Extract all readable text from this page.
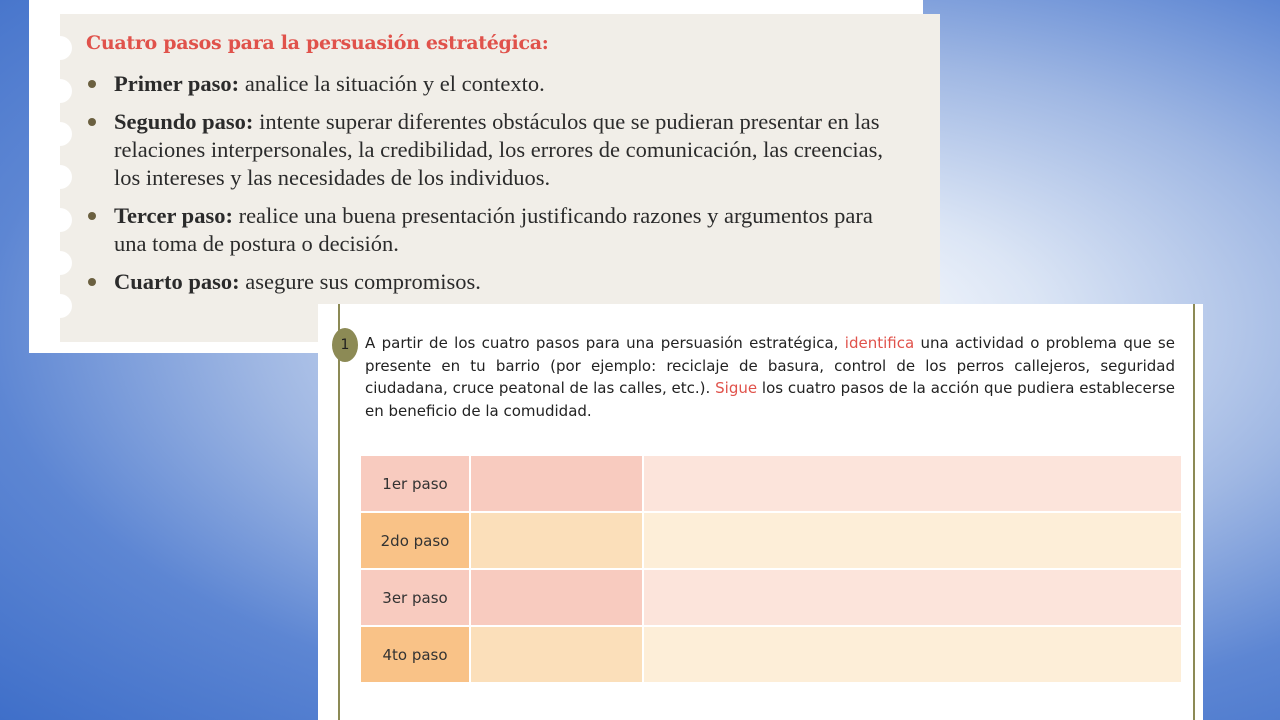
Cuatro pasos para la persuasión estratégica:
Primer paso: analice la situación y el contexto.
Segundo paso: intente superar diferentes obstáculos que se pudieran presentar en las relaciones interpersonales, la credibilidad, los errores de comunicación, las creencias, los intereses y las necesidades de los individuos.
Tercer paso: realice una buena presentación justificando razones y argumentos para una toma de postura o decisión.
Cuarto paso: asegure sus compromisos.
1	A partir de los cuatro pasos para una persuasión estratégica, identifica una actividad o problema que se presente en tu barrio (por ejemplo: reciclaje de basura, control de los perros callejeros, seguridad ciudadana, cruce peatonal de las calles, etc.). Sigue los cuatro pasos de la acción que pudiera establecerse en beneficio de la comudidad.

1er paso		
2do paso		
3er paso		
4to paso		
